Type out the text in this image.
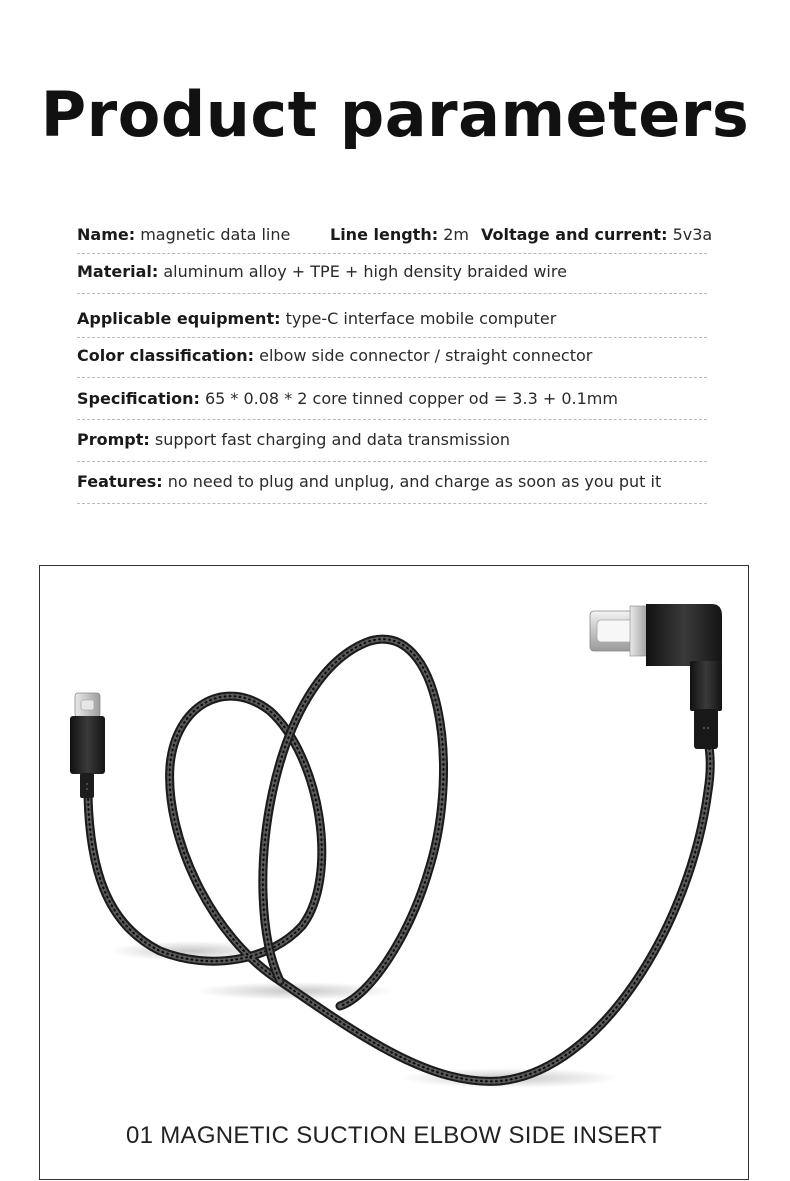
Product parameters
Name: magnetic data line Line length: 2m Voltage and current: 5v3a
Material: aluminum alloy + TPE + high density braided wire
Applicable equipment: type-C interface mobile computer
Color classification: elbow side connector / straight connector
Specification: 65 * 0.08 * 2 core tinned copper od = 3.3 + 0.1mm
Prompt: support fast charging and data transmission
Features: no need to plug and unplug, and charge as soon as you put it
01 MAGNETIC SUCTION ELBOW SIDE INSERT
